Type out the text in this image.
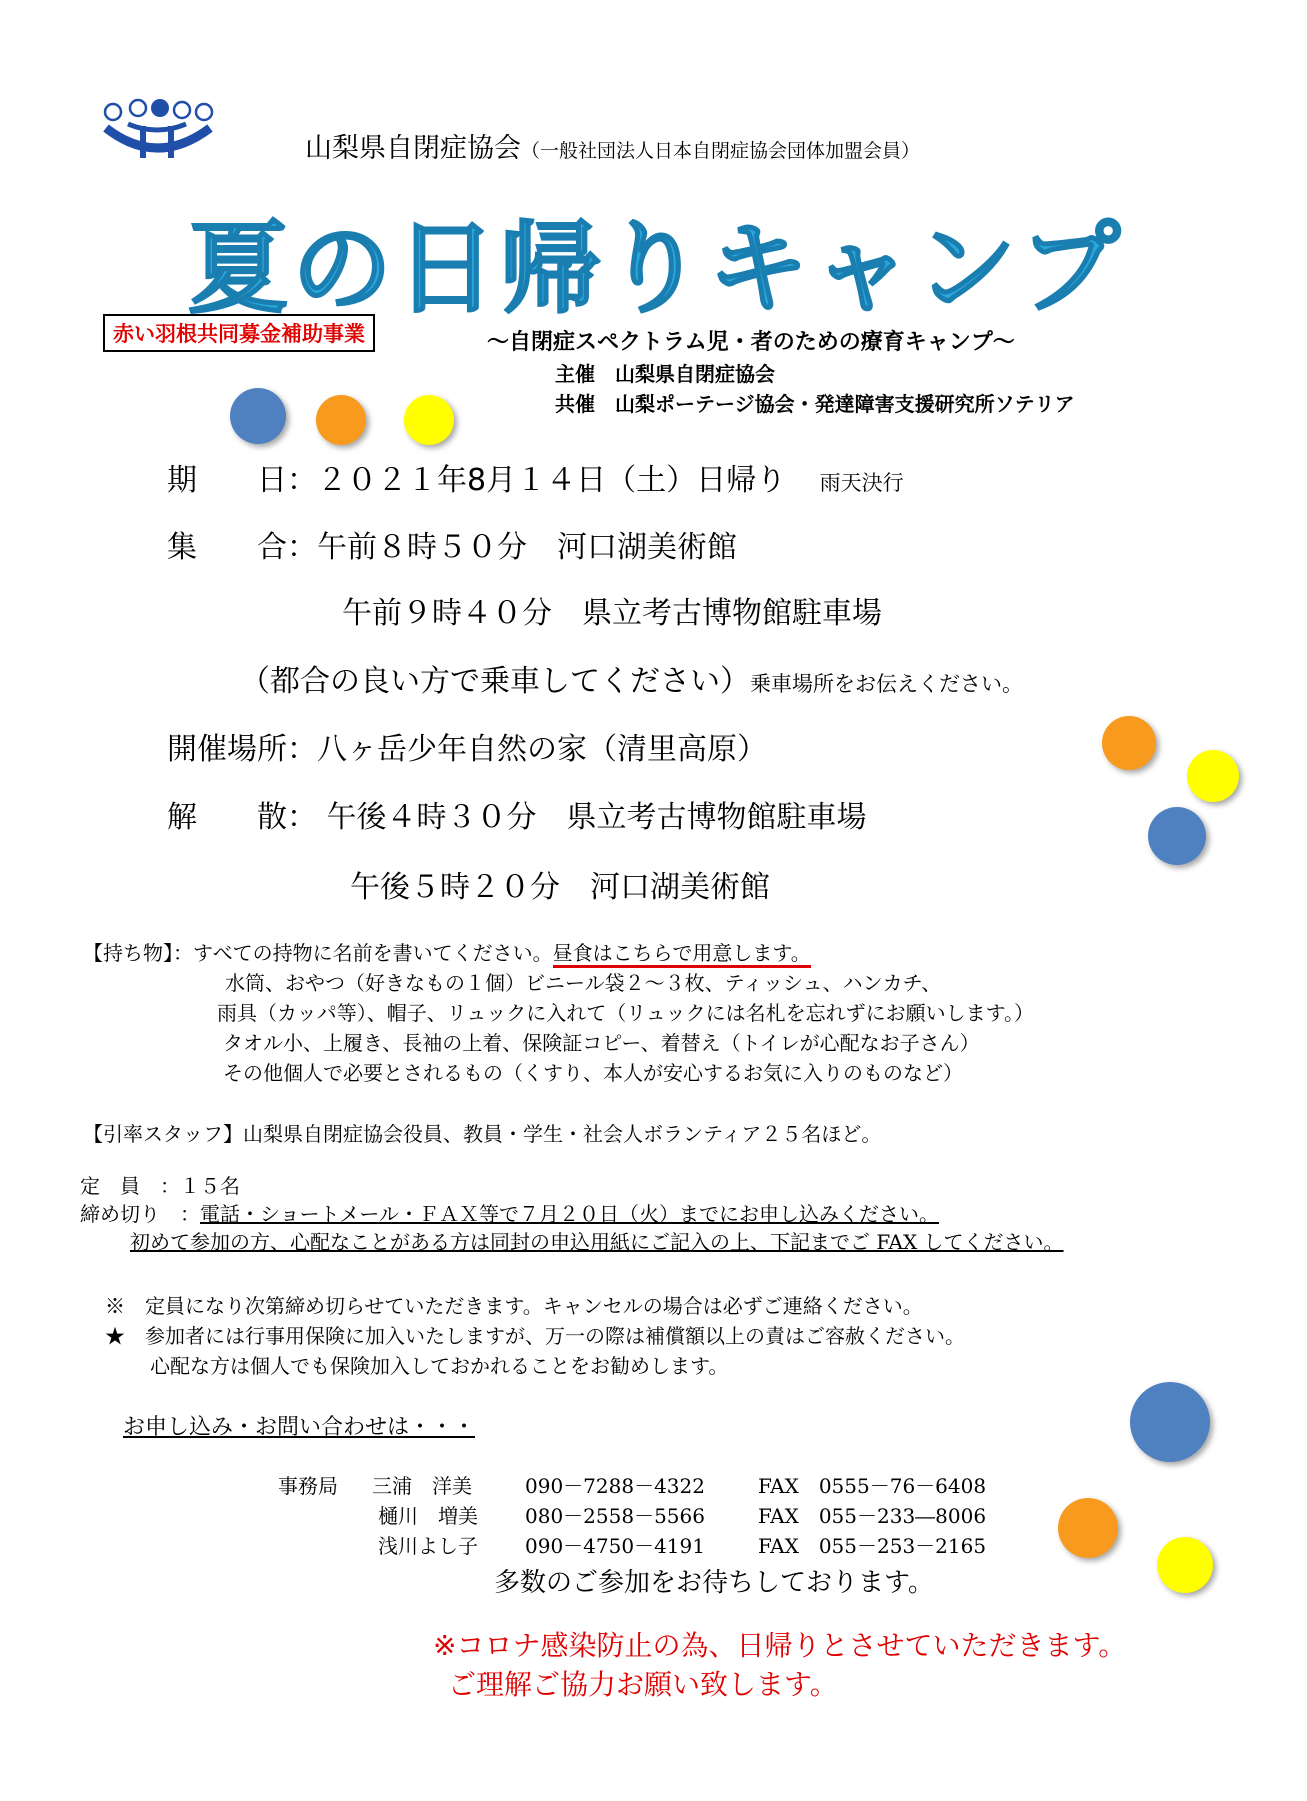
山梨県自閉症協会（一般社団法人日本自閉症協会団体加盟会員）
夏の日帰りキャンプ
赤い羽根共同募金補助事業	～自閉症スペクトラム児・者のための療育キャンプ～
主催　 山梨県自閉症協会
共催　 山梨ポーテージ協会・発達障害支援研究所ソテリア
期　　日：２０２１年8月１４日（土）日帰り 雨天決行
集　　合：午前８時５０分　河口湖美術館
午前９時４０分　県立考古博物館駐車場
（都合の良い方で乗車してください）乗車場所をお伝えください。
開催場所：八ヶ岳少年自然の家（清里高原）
解　　散： 午後４時３０分　県立考古博物館駐車場
午後５時２０分　河口湖美術館
【持ち物】：すべての持物に名前を書いてください。昼食はこちらで用意します。
水筒、おやつ（好きなもの１個）ビニール袋２～３枚、ティッシュ、ハンカチ、
雨具（カッパ等）、帽子、リュックに入れて（リュックには名札を忘れずにお願いします。）
タオル小、上履き、長袖の上着、保険証コピー、着替え（トイレが心配なお子さん）
その他個人で必要とされるもの（くすり、本人が安心するお気に入りのものなど）
【引率スタッフ】山梨県自閉症協会役員、教員・学生・社会人ボランティア２５名ほど。
定　員　：１５名
締め切り　：電話・ショートメール・ＦＡＸ等で７月２０日（火）までにお申し込みください。
初めて参加の方、心配なことがある方は同封の申込用紙にご記入の上、下記までご FAX してください。
※　 定員になり次第締め切らせていただきます。キャンセルの場合は必ずご連絡ください。
★　 参加者には行事用保険に加入いたしますが、万一の際は補償額以上の責はご容赦ください。
心配な方は個人でも保険加入しておかれることをお勧めします。
お申し込み・お問い合わせは・・・
事務局 三浦　洋美	090－7288－4322	FAX　0555－76－6408
樋川　増美 080－2558－5566	FAX　055－233―8006
浅川よし子 090－4750－4191	FAX　055－253－2165
多数のご参加をお待ちしております。
※コロナ感染防止の為、日帰りとさせていただきます。
ご理解ご協力お願い致します。
